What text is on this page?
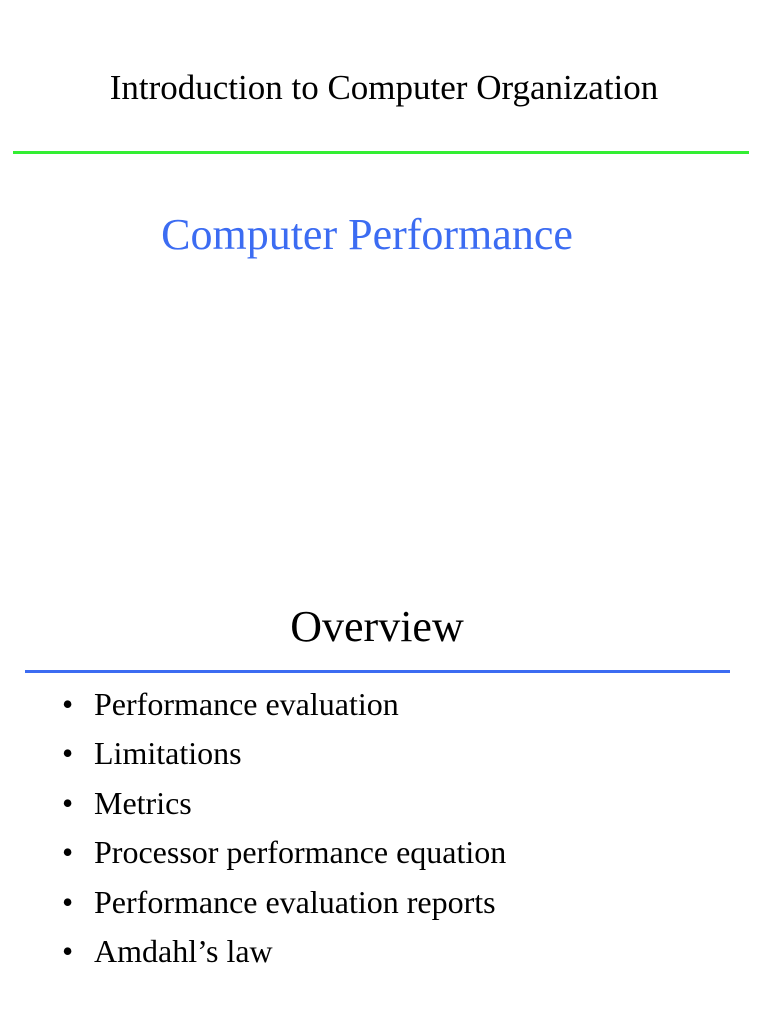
Introduction to Computer Organization
Computer Performance
Overview
• Performance evaluation
• Limitations
• Metrics
• Processor performance equation
• Performance evaluation reports
• Amdahl’s law
